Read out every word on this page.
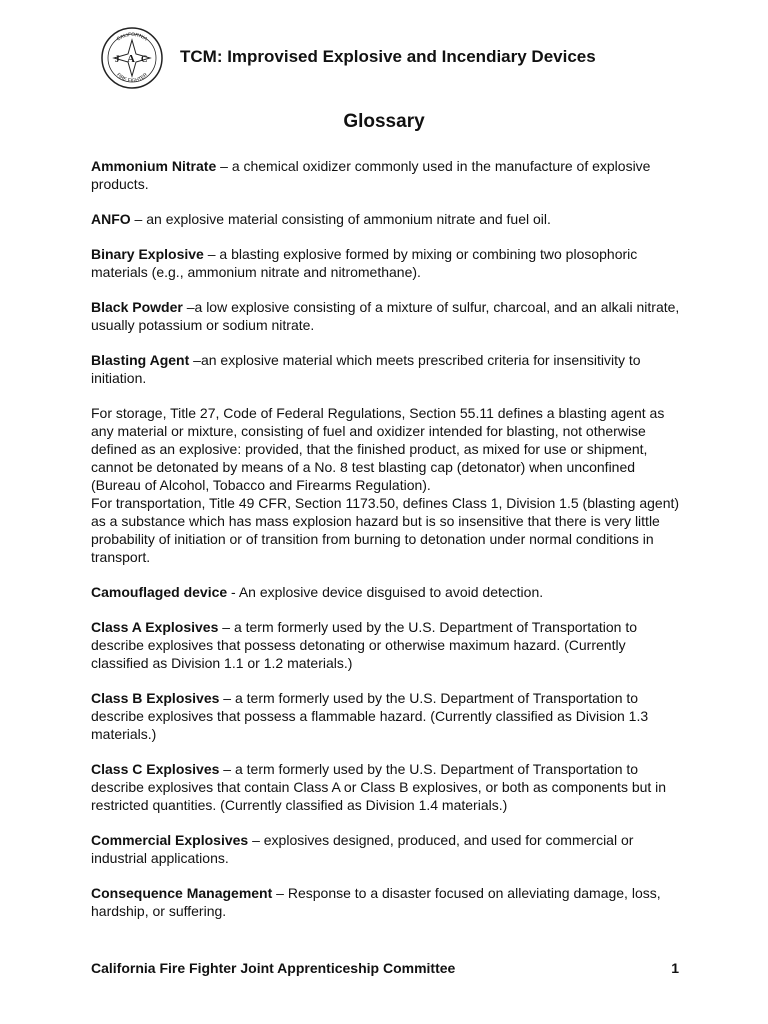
CALIFORNIA
FIRE FIGHTER
J A C TCM: Improvised Explosive and Incendiary Devices
Glossary

Ammonium Nitrate – a chemical oxidizer commonly used in the manufacture of explosive products.

ANFO – an explosive material consisting of ammonium nitrate and fuel oil.

Binary Explosive – a blasting explosive formed by mixing or combining two plosophoric materials (e.g., ammonium nitrate and nitromethane).

Black Powder –a low explosive consisting of a mixture of sulfur, charcoal, and an alkali nitrate, usually potassium or sodium nitrate.

Blasting Agent –an explosive material which meets prescribed criteria for insensitivity to initiation.

For storage, Title 27, Code of Federal Regulations, Section 55.11 defines a blasting agent as any material or mixture, consisting of fuel and oxidizer intended for blasting, not otherwise defined as an explosive: provided, that the finished product, as mixed for use or shipment, cannot be detonated by means of a No. 8 test blasting cap (detonator) when unconfined (Bureau of Alcohol, Tobacco and Firearms Regulation).

For transportation, Title 49 CFR, Section 1173.50, defines Class 1, Division 1.5 (blasting agent) as a substance which has mass explosion hazard but is so insensitive that there is very little probability of initiation or of transition from burning to detonation under normal conditions in transport.

Camouflaged device - An explosive device disguised to avoid detection.

Class A Explosives – a term formerly used by the U.S. Department of Transportation to describe explosives that possess detonating or otherwise maximum hazard. (Currently classified as Division 1.1 or 1.2 materials.)

Class B Explosives – a term formerly used by the U.S. Department of Transportation to describe explosives that possess a flammable hazard. (Currently classified as Division 1.3 materials.)

Class C Explosives – a term formerly used by the U.S. Department of Transportation to describe explosives that contain Class A or Class B explosives, or both as components but in restricted quantities. (Currently classified as Division 1.4 materials.)

Commercial Explosives – explosives designed, produced, and used for commercial or industrial applications.

Consequence Management – Response to a disaster focused on alleviating damage, loss, hardship, or suffering.

California Fire Fighter Joint Apprenticeship Committee	1
